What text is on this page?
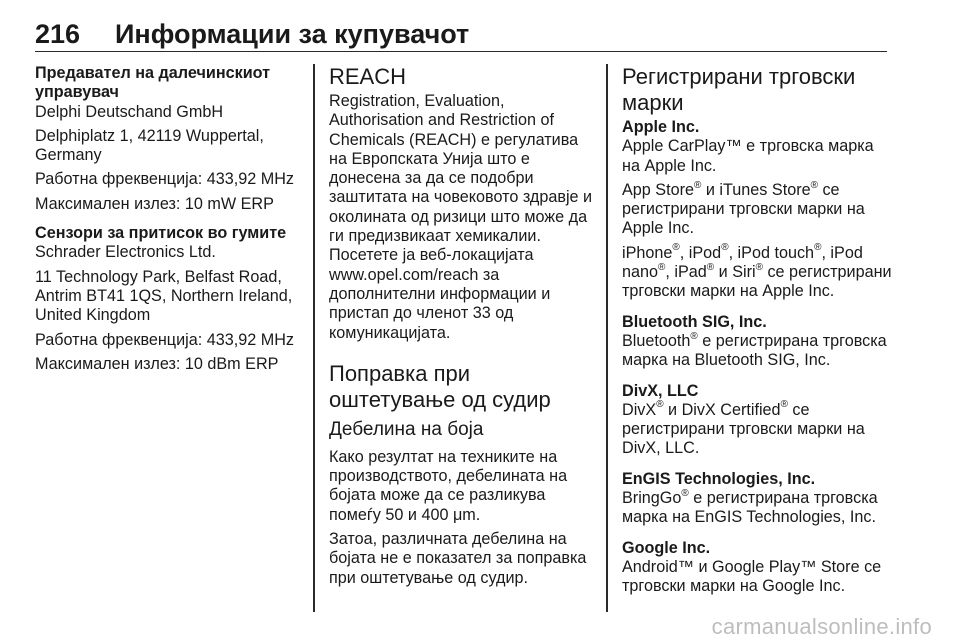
216 Информации за купувачот

Предавател на далечинскиот управувач
Delphi Deutschand GmbH

Delphiplatz 1, 42119 Wuppertal, Germany

Работна фреквенција: 433,92 MHz

Максимален излез: 10 mW ERP

Сензори за притисок во гумите
Schrader Electronics Ltd.

11 Technology Park, Belfast Road, Antrim BT41 1QS, Northern Ireland, United Kingdom

Работна фреквенција: 433,92 MHz

Максимален излез: 10 dBm ERP

REACH

Registration, Evaluation, Authorisation and Restriction of Chemicals (REACH) е регулатива на Европската Унија што е донесена за да се подобри заштитата на човековото здравје и околината од ризици што може да ги предизвикаат хемикалии. Посетете ја веб-локацијата www.opel.com/reach за дополнителни информации и пристап до членот 33 од комуникацијата.

Поправка при оштетување од судир
Дебелина на боја

Како резултат на техниките на производството, дебелината на бојата може да се разликува помеѓу 50 и 400 μm.

Затоа, различната дебелина на бојата не е показател за поправка при оштетување од судир.

Регистрирани трговски марки

Apple Inc.
Apple CarPlay™ е трговска марка на Apple Inc.

App Store® и iTunes Store® се регистрирани трговски марки на Apple Inc.

iPhone®, iPod®, iPod touch®, iPod nano®, iPad® и Siri® се регистрирани трговски марки на Apple Inc.

Bluetooth SIG, Inc.
Bluetooth® е регистрирана трговска марка на Bluetooth SIG, Inc.

DivX, LLC
DivX® и DivX Certified® се регистрирани трговски марки на DivX, LLC.

EnGIS Technologies, Inc.
BringGo® е регистрирана трговска марка на EnGIS Technologies, Inc.

Google Inc.
Android™ и Google Play™ Store се трговски марки на Google Inc.

carmanualsonline.info
